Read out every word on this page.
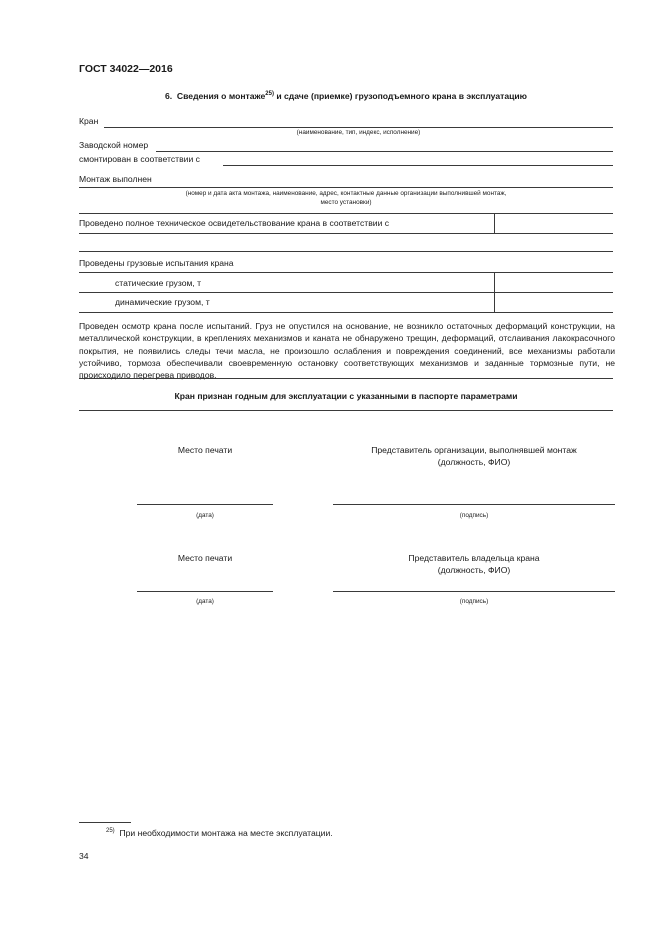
ГОСТ 34022—2016
6. Сведения о монтаже$^{25)}$ и сдаче (приемке) грузоподъемного крана в эксплуатацию
Кран
(наименование, тип, индекс, исполнение)
Заводской номер
смонтирован в соответствии с
Монтаж выполнен
(номер и дата акта монтажа, наименование, адрес, контактные данные организации выполнившей монтаж,
место установки)
Проведено полное техническое освидетельствование крана в соответствии с
Проведены грузовые испытания крана
статические грузом, т
динамические грузом, т
Проведен осмотр крана после испытаний. Груз не опустился на основание, не возникло остаточных деформаций конструкции, на металлической конструкции, в креплениях механизмов и каната не обнаружено трещин, деформаций, отслаивания лакокрасочного покрытия, не появились следы течи масла, не произошло ослабления и повреждения соединений, все механизмы работали устойчиво, тормоза обеспечивали своевременную остановку соответствующих механизмов и заданные тормозные пути, не происходило перегрева приводов.
Кран признан годным для эксплуатации с указанными в паспорте параметрами
Место печати	Представитель организации, выполнявшей монтаж
(должность, ФИО)
(дата)	(подпись)
Место печати	Представитель владельца крана
(должность, ФИО)
(дата)	(подпись)
$^{25)}$ При необходимости монтажа на месте эксплуатации.
34
